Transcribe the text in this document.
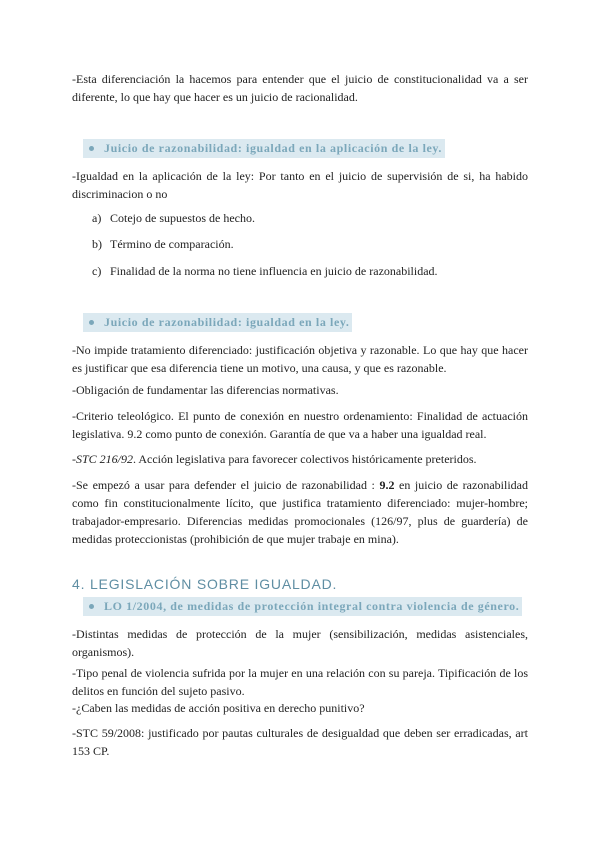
-Esta diferenciación la hacemos para entender que el juicio de constitucionalidad va a ser diferente, lo que hay que hacer es un juicio de racionalidad.
Juicio de razonabilidad: igualdad en la aplicación de la ley.
-Igualdad en la aplicación de la ley: Por tanto en el juicio de supervisión de si, ha habido discriminacion o no
a) Cotejo de supuestos de hecho.
b) Término de comparación.
c) Finalidad de la norma no tiene influencia en juicio de razonabilidad.
Juicio de razonabilidad: igualdad en la ley.
-No impide tratamiento diferenciado: justificación objetiva y razonable. Lo que hay que hacer es justificar que esa diferencia tiene un motivo, una causa, y que es razonable.
-Obligación de fundamentar las diferencias normativas.
-Criterio teleológico. El punto de conexión en nuestro ordenamiento: Finalidad de actuación legislativa. 9.2 como punto de conexión. Garantía de que va a haber una igualdad real.
-STC 216/92. Acción legislativa para favorecer colectivos históricamente preteridos.
-Se empezó a usar para defender el juicio de razonabilidad : 9.2 en juicio de razonabilidad como fin constitucionalmente lícito, que justifica tratamiento diferenciado: mujer-hombre; trabajador-empresario. Diferencias medidas promocionales (126/97, plus de guardería) de medidas proteccionistas (prohibición de que mujer trabaje en mina).
4. LEGISLACIÓN SOBRE IGUALDAD.
LO 1/2004, de medidas de protección integral contra violencia de género.
-Distintas medidas de protección de la mujer (sensibilización, medidas asistenciales, organismos).
-Tipo penal de violencia sufrida por la mujer en una relación con su pareja. Tipificación de los delitos en función del sujeto pasivo.
-¿Caben las medidas de acción positiva en derecho punitivo?
-STC 59/2008: justificado por pautas culturales de desigualdad que deben ser erradicadas, art 153 CP.
